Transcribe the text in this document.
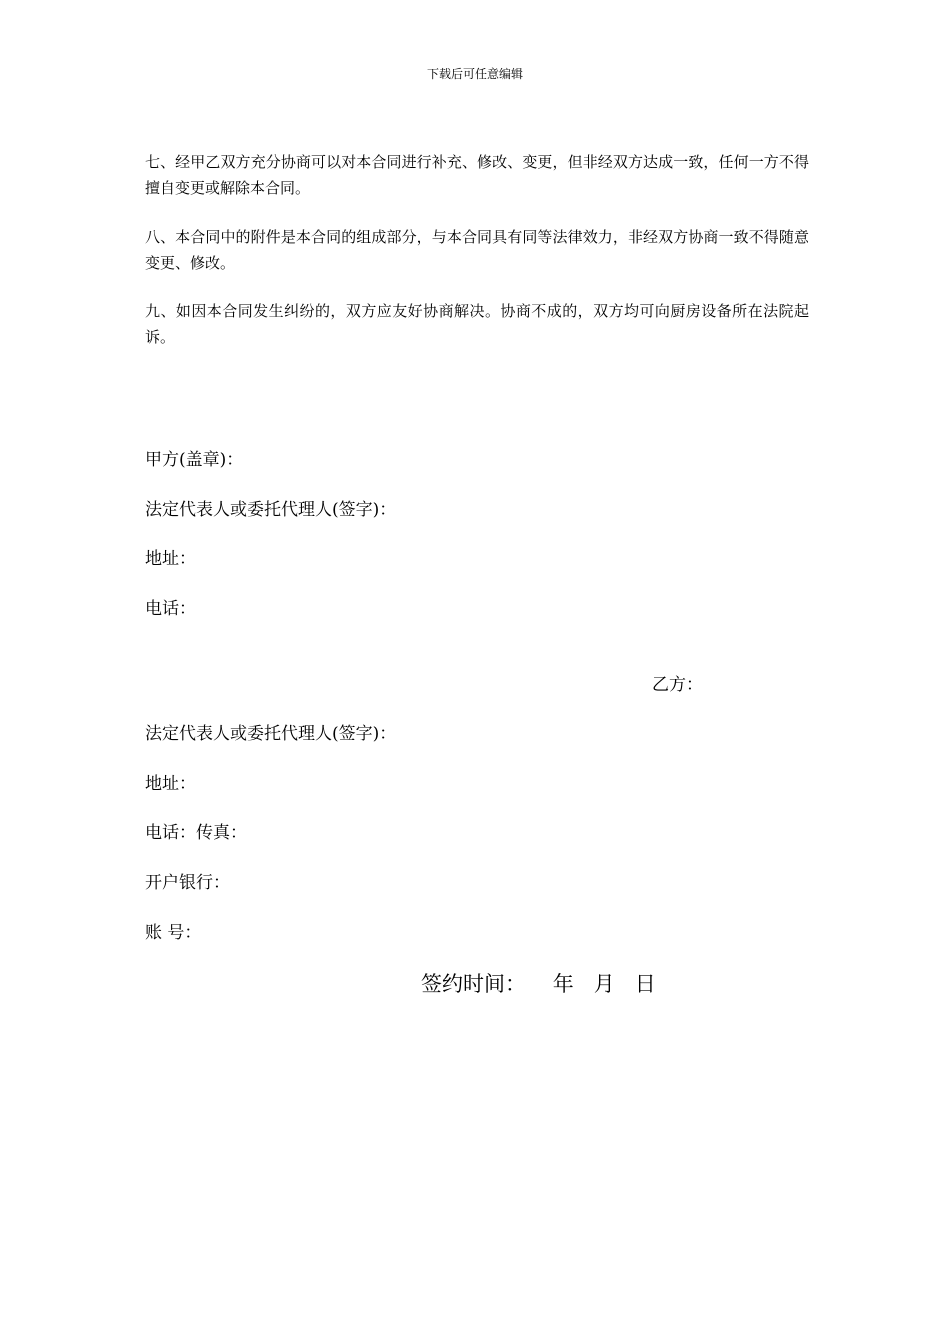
下载后可任意编辑

七、经甲乙双方充分协商可以对本合同进行补充、修改、变更，但非经双方达成一致，任何一方不得擅自变更或解除本合同。

八、本合同中的附件是本合同的组成部分，与本合同具有同等法律效力，非经双方协商一致不得随意变更、修改。

九、如因本合同发生纠纷的，双方应友好协商解决。协商不成的，双方均可向厨房设备所在法院起诉。

甲方(盖章)：
法定代表人或委托代理人(签字)：
地址：
电话：
乙方：
法定代表人或委托代理人(签字)：
地址：
电话：传真：
开户银行：
账 号：
签约时间：    年   月   日
